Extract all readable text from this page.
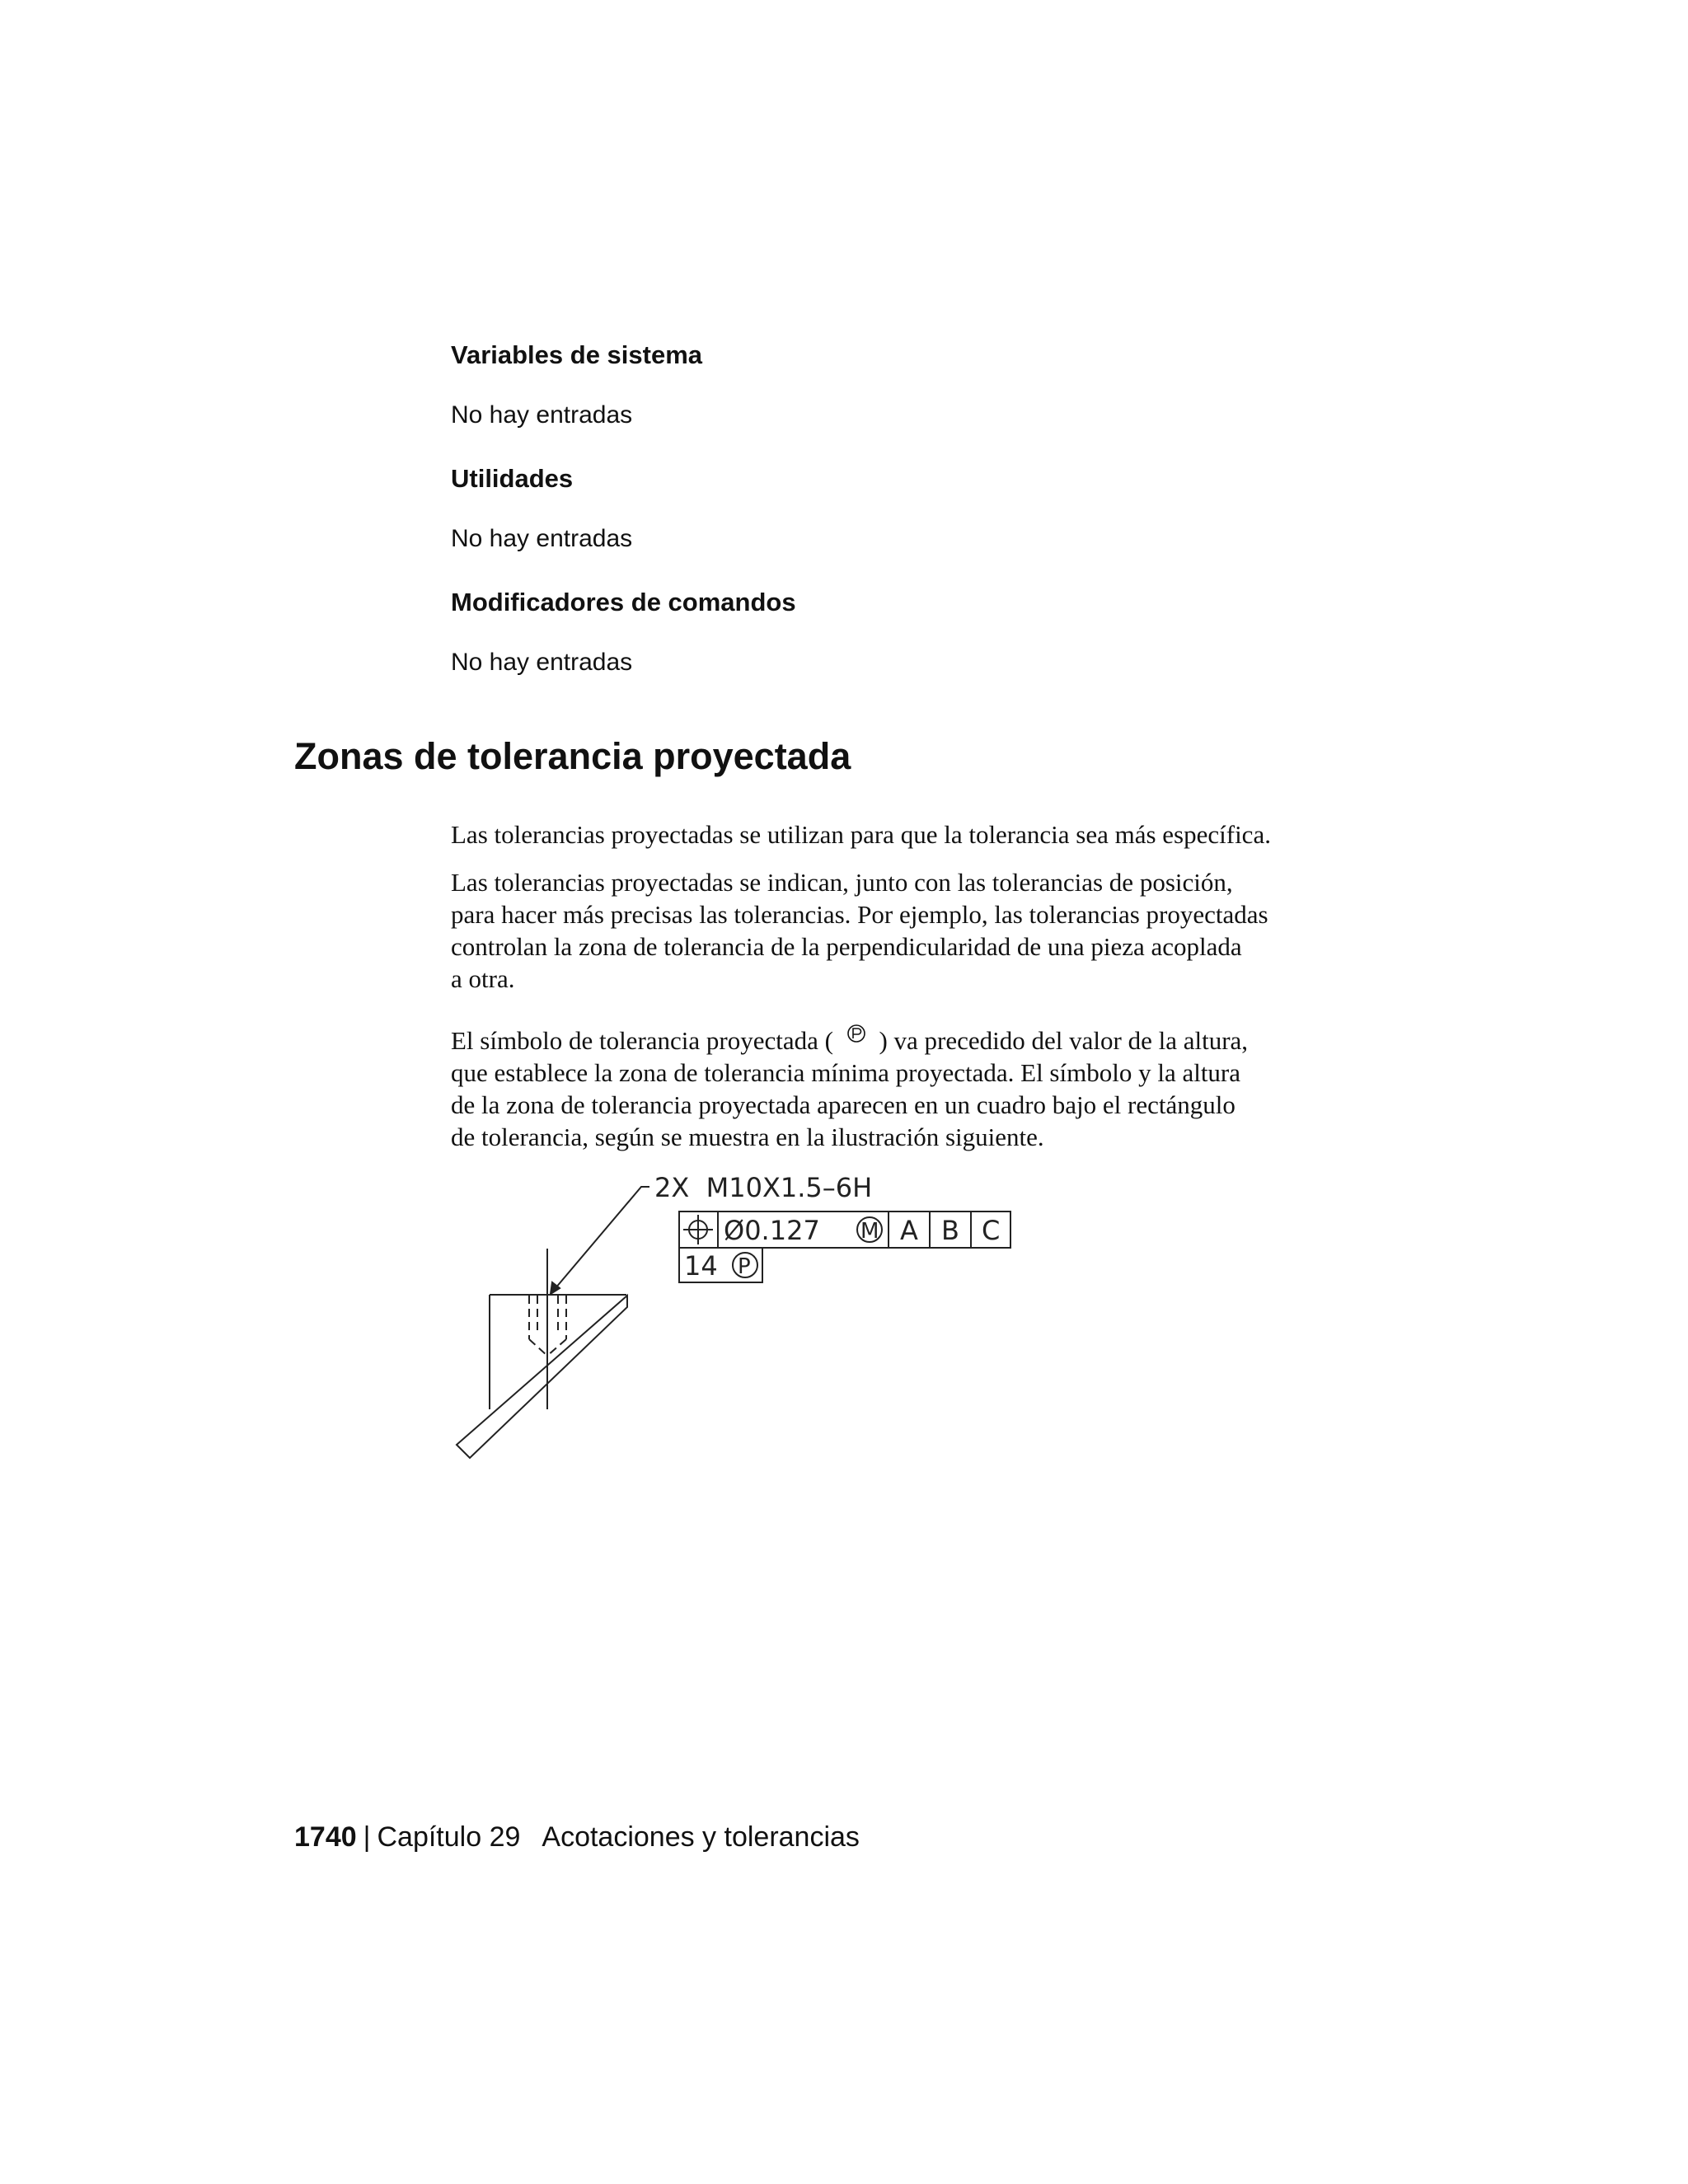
Variables de sistema

No hay entradas

Utilidades

No hay entradas

Modificadores de comandos

No hay entradas

Zonas de tolerancia proyectada

Las tolerancias proyectadas se utilizan para que la tolerancia sea más específica.

Las tolerancias proyectadas se indican, junto con las tolerancias de posición,
para hacer más precisas las tolerancias. Por ejemplo, las tolerancias proyectadas
controlan la zona de tolerancia de la perpendicularidad de una pieza acoplada
a otra.

El símbolo de tolerancia proyectada ( ) va precedido del valor de la altura,
que establece la zona de tolerancia mínima proyectada. El símbolo y la altura
de la zona de tolerancia proyectada aparecen en un cuadro bajo el rectángulo
de tolerancia, según se muestra en la ilustración siguiente.

2X  M10X1.5–6H
Ø0.127 M A B C
14 P
1740 | Capítulo 29 Acotaciones y tolerancias
